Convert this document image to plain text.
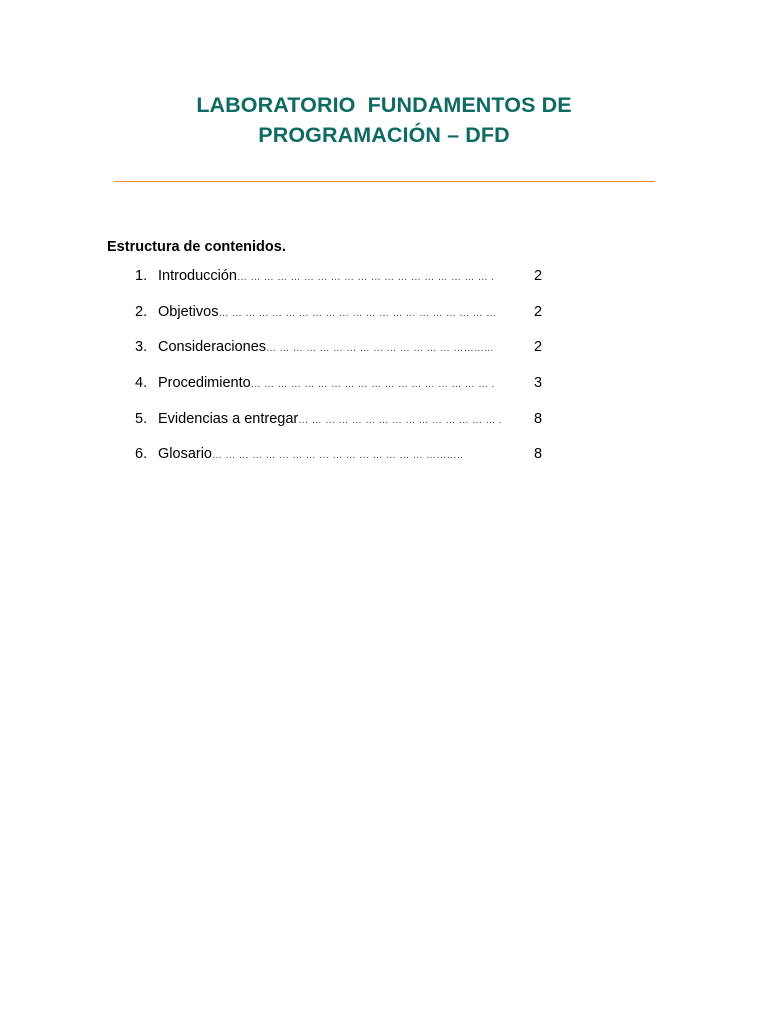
LABORATORIO  FUNDAMENTOS DE
PROGRAMACIÓN – DFD
Estructura de contenidos.
1. Introducción… … … … … … … … … … … … … … … … … … … .	2
2. Objetivos… … … … … … … … … … … … … … … … … … … … …	2
3. Consideraciones… … … … … … … … … … … … … … ………...	2
4. Procedimiento… … … … … … … … … … … … … … … … … … .	3
5. Evidencias a entregar… … … … … … … … … … … … … … … . 8
6. Glosario… … … … … … … … … … … … … … … … ………..	8
